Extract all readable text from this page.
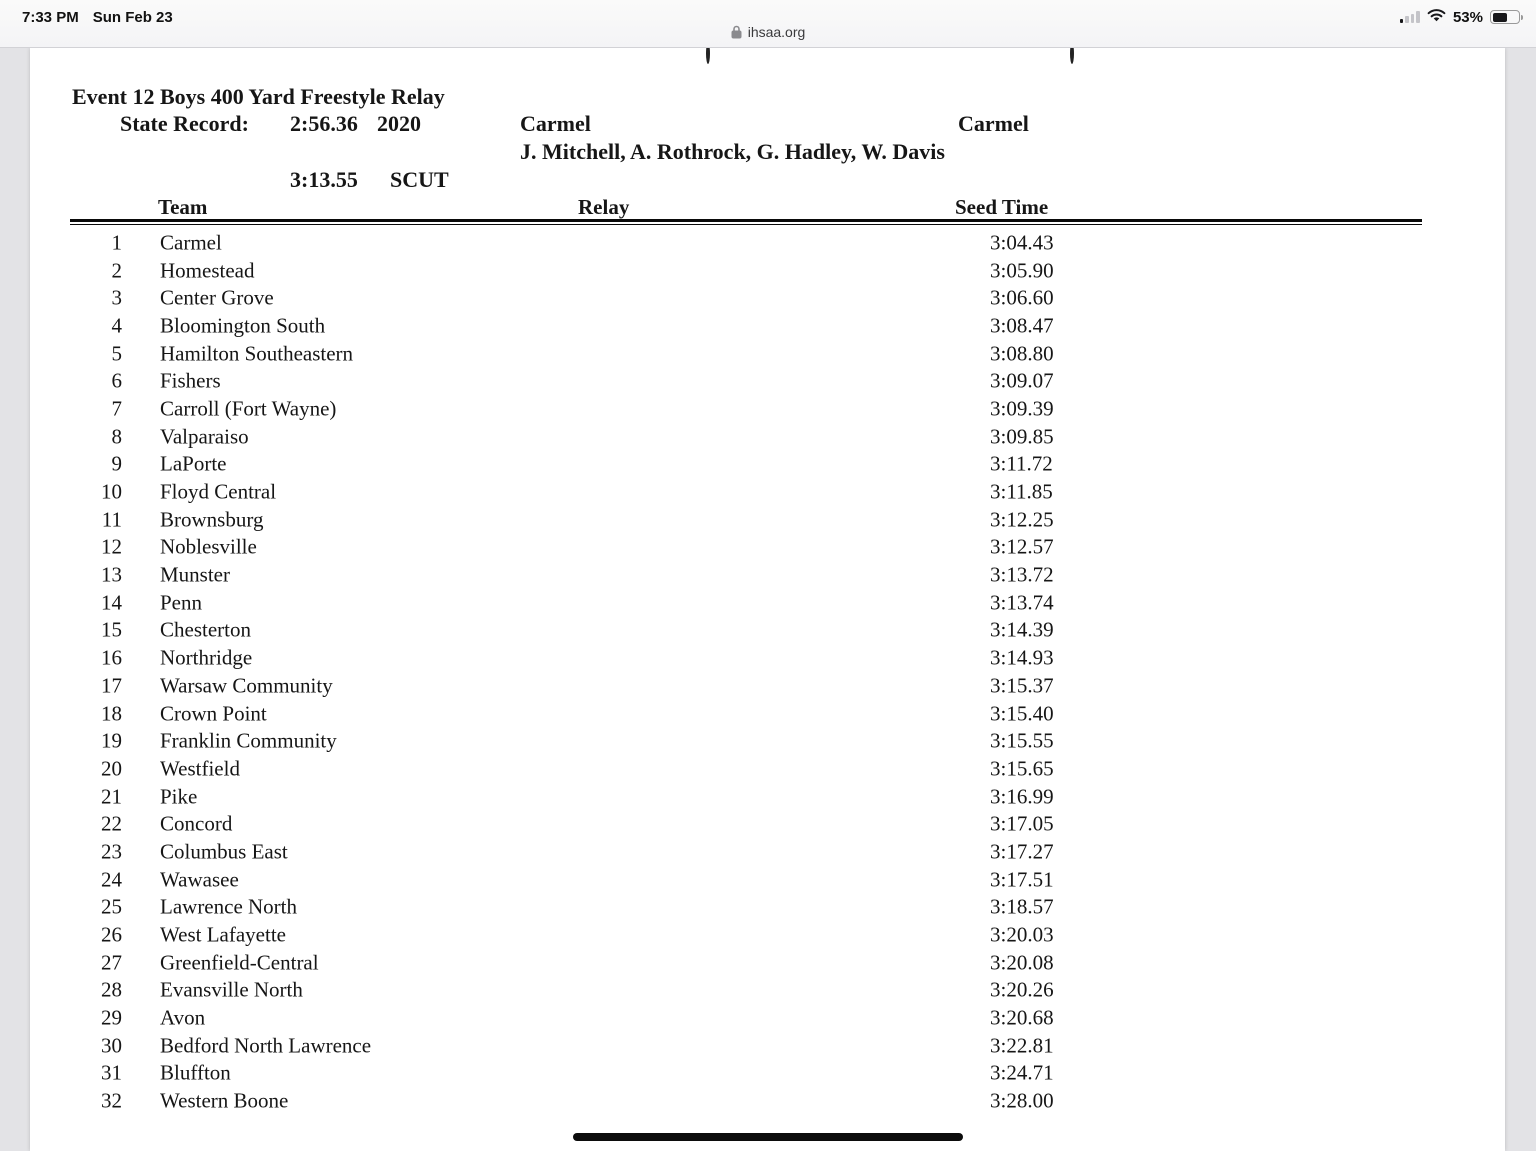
7:33 PM Sun Feb 23
ihsaa.org
53%
Event 12 Boys 400 Yard Freestyle Relay
State Record: 2:56.36 2020	Carmel	Carmel
J. Mitchell, A. Rothrock, G. Hadley, W. Davis
3:13.55 SCUT
Team	Relay	Seed Time
1 Carmel	3:04.43
2 Homestead	3:05.90
3 Center Grove	3:06.60
4 Bloomington South	3:08.47
5 Hamilton Southeastern	3:08.80
6 Fishers	3:09.07
7 Carroll (Fort Wayne)	3:09.39
8 Valparaiso	3:09.85
9 LaPorte	3:11.72
10 Floyd Central	3:11.85
11 Brownsburg	3:12.25
12 Noblesville	3:12.57
13 Munster	3:13.72
14 Penn	3:13.74
15 Chesterton	3:14.39
16 Northridge	3:14.93
17 Warsaw Community	3:15.37
18 Crown Point	3:15.40
19 Franklin Community	3:15.55
20 Westfield	3:15.65
21 Pike	3:16.99
22 Concord	3:17.05
23 Columbus East	3:17.27
24 Wawasee	3:17.51
25 Lawrence North	3:18.57
26 West Lafayette	3:20.03
27 Greenfield-Central	3:20.08
28 Evansville North	3:20.26
29 Avon	3:20.68
30 Bedford North Lawrence	3:22.81
31 Bluffton	3:24.71
32 Western Boone	3:28.00
